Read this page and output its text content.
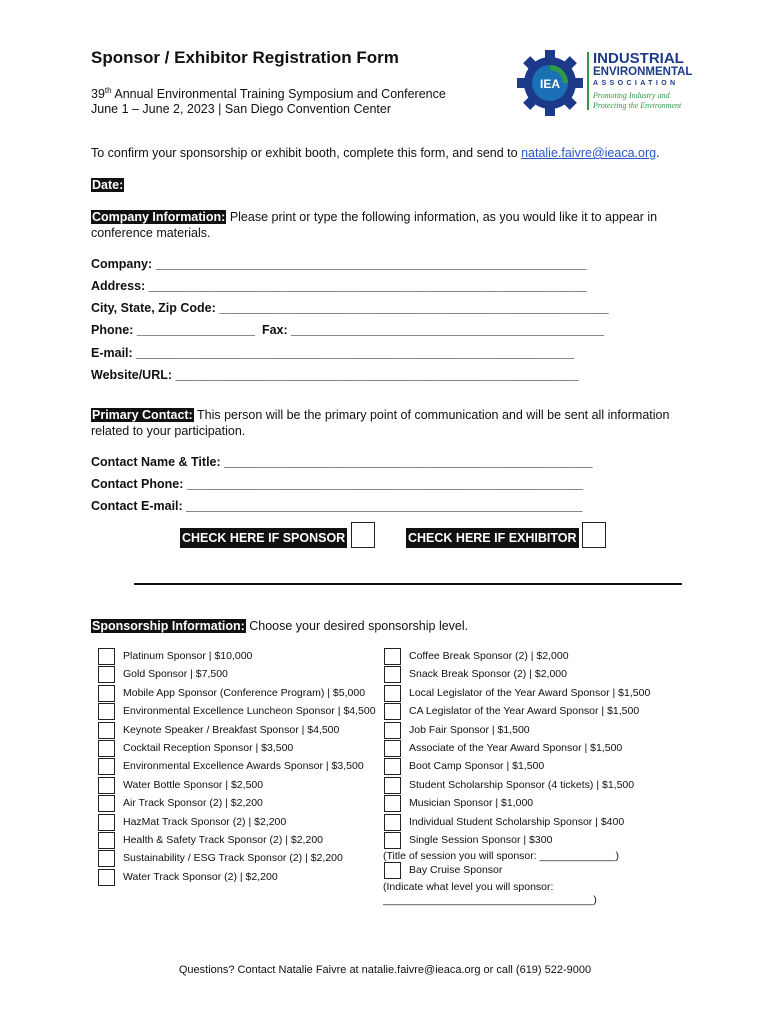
Sponsor / Exhibitor Registration Form
39th Annual Environmental Training Symposium and Conference
June 1 – June 2, 2023 | San Diego Convention Center
IEA
INDUSTRIAL
ENVIRONMENTAL
ASSOCIATION
Promoting Industry and
Protecting the Environment
To confirm your sponsorship or exhibit booth, complete this form, and send to natalie.faivre@ieaca.org.
Date:
Company Information: Please print or type the following information, as you would like it to appear in
conference materials.
Company: ______________________________________________________________
Address: _______________________________________________________________
City, State, Zip Code: ________________________________________________________
Phone: _________________  Fax: _____________________________________________
E-mail: _______________________________________________________________
Website/URL: __________________________________________________________
Primary Contact: This person will be the primary point of communication and will be sent all information
related to your participation.
Contact Name & Title: _____________________________________________________
Contact Phone: _________________________________________________________
Contact E-mail: _________________________________________________________
CHECK HERE IF SPONSOR	CHECK HERE IF EXHIBITOR
Sponsorship Information: Choose your desired sponsorship level.
Platinum Sponsor | $10,000
Gold Sponsor | $7,500
Mobile App Sponsor (Conference Program) | $5,000
Environmental Excellence Luncheon Sponsor | $4,500
Keynote Speaker / Breakfast Sponsor | $4,500
Cocktail Reception Sponsor | $3,500
Environmental Excellence Awards Sponsor | $3,500
Water Bottle Sponsor | $2,500
Air Track Sponsor (2) | $2,200
HazMat Track Sponsor (2) | $2,200
Health & Safety Track Sponsor (2) | $2,200
Sustainability / ESG Track Sponsor (2) | $2,200
Water Track Sponsor (2) | $2,200
Coffee Break Sponsor (2) | $2,000
Snack Break Sponsor (2) | $2,000
Local Legislator of the Year Award Sponsor | $1,500
CA Legislator of the Year Award Sponsor | $1,500
Job Fair Sponsor | $1,500
Associate of the Year Award Sponsor | $1,500
Boot Camp Sponsor | $1,500
Student Scholarship Sponsor (4 tickets) | $1,500
Musician Sponsor | $1,000
Individual Student Scholarship Sponsor | $400
Single Session Sponsor | $300
Bay Cruise Sponsor
(Title of session you will sponsor: _____________)
(Indicate what level you will sponsor:
____________________________________)
Questions? Contact Natalie Faivre at natalie.faivre@ieaca.org or call (619) 522-9000
